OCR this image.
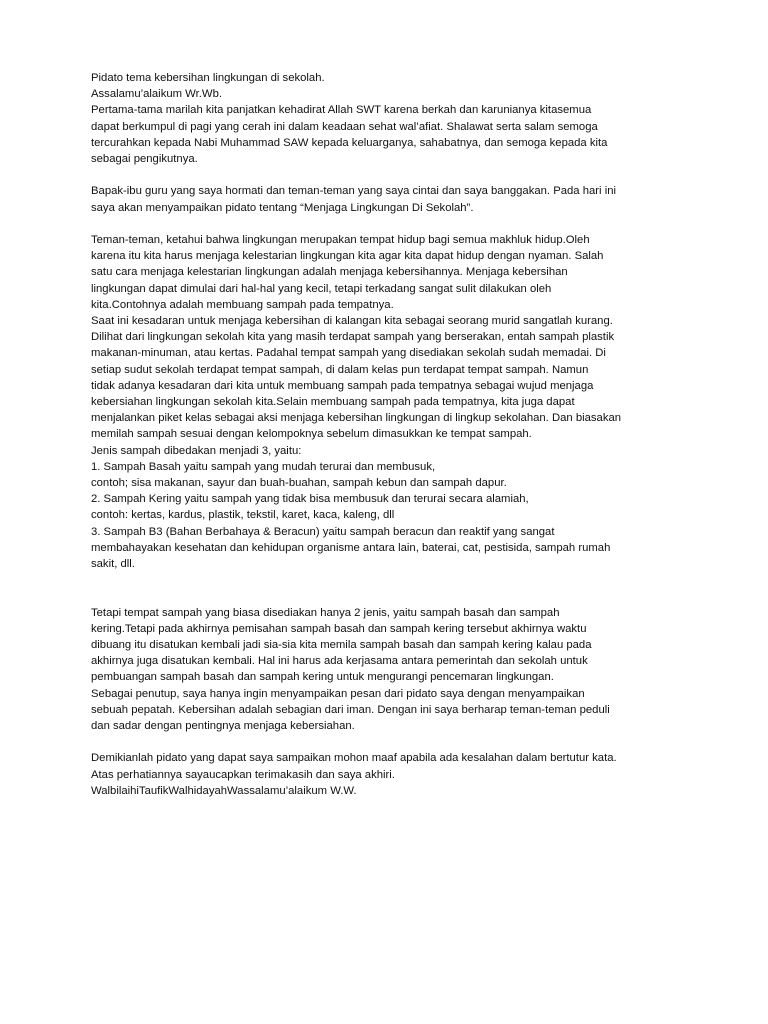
Pidato tema kebersihan lingkungan di sekolah.
Assalamu’alaikum Wr.Wb.
Pertama-tama marilah kita panjatkan kehadirat Allah SWT karena berkah dan karunianya kitasemua
dapat berkumpul di pagi yang cerah ini dalam keadaan sehat wal’afiat. Shalawat serta salam semoga
tercurahkan kepada Nabi Muhammad SAW kepada keluarganya, sahabatnya, dan semoga kepada kita
sebagai pengikutnya.
Bapak-ibu guru yang saya hormati dan teman-teman yang saya cintai dan saya banggakan. Pada hari ini
saya akan menyampaikan pidato tentang “Menjaga Lingkungan Di Sekolah”.
Teman-teman, ketahui bahwa lingkungan merupakan tempat hidup bagi semua makhluk hidup.Oleh
karena itu kita harus menjaga kelestarian lingkungan kita agar kita dapat hidup dengan nyaman. Salah
satu cara menjaga kelestarian lingkungan adalah menjaga kebersihannya. Menjaga kebersihan
lingkungan dapat dimulai dari hal-hal yang kecil, tetapi terkadang sangat sulit dilakukan oleh
kita.Contohnya adalah membuang sampah pada tempatnya.
Saat ini kesadaran untuk menjaga kebersihan di kalangan kita sebagai seorang murid sangatlah kurang.
Dilihat dari lingkungan sekolah kita yang masih terdapat sampah yang berserakan, entah sampah plastik
makanan-minuman, atau kertas. Padahal tempat sampah yang disediakan sekolah sudah memadai. Di
setiap sudut sekolah terdapat tempat sampah, di dalam kelas pun terdapat tempat sampah. Namun
tidak adanya kesadaran dari kita untuk membuang sampah pada tempatnya sebagai wujud menjaga
kebersiahan lingkungan sekolah kita.Selain membuang sampah pada tempatnya, kita juga dapat
menjalankan piket kelas sebagai aksi menjaga kebersihan lingkungan di lingkup sekolahan. Dan biasakan
memilah sampah sesuai dengan kelompoknya sebelum dimasukkan ke tempat sampah.
Jenis sampah dibedakan menjadi 3, yaitu:
1. Sampah Basah yaitu sampah yang mudah terurai dan membusuk,
contoh; sisa makanan, sayur dan buah-buahan, sampah kebun dan sampah dapur.
2. Sampah Kering yaitu sampah yang tidak bisa membusuk dan terurai secara alamiah,
contoh: kertas, kardus, plastik, tekstil, karet, kaca, kaleng, dll
3. Sampah B3 (Bahan Berbahaya & Beracun) yaitu sampah beracun dan reaktif yang sangat
membahayakan kesehatan dan kehidupan organisme antara lain, baterai, cat, pestisida, sampah rumah
sakit, dll.
Tetapi tempat sampah yang biasa disediakan hanya 2 jenis, yaitu sampah basah dan sampah
kering.Tetapi pada akhirnya pemisahan sampah basah dan sampah kering tersebut akhirnya waktu
dibuang itu disatukan kembali jadi sia-sia kita memila sampah basah dan sampah kering kalau pada
akhirnya juga disatukan kembali. Hal ini harus ada kerjasama antara pemerintah dan sekolah untuk
pembuangan sampah basah dan sampah kering untuk mengurangi pencemaran lingkungan.
Sebagai penutup, saya hanya ingin menyampaikan pesan dari pidato saya dengan menyampaikan
sebuah pepatah. Kebersihan adalah sebagian dari iman. Dengan ini saya berharap teman-teman peduli
dan sadar dengan pentingnya menjaga kebersiahan.
Demikianlah pidato yang dapat saya sampaikan mohon maaf apabila ada kesalahan dalam bertutur kata.
Atas perhatiannya sayaucapkan terimakasih dan saya akhiri.
WalbilaihiTaufikWalhidayahWassalamu’alaikum W.W.
